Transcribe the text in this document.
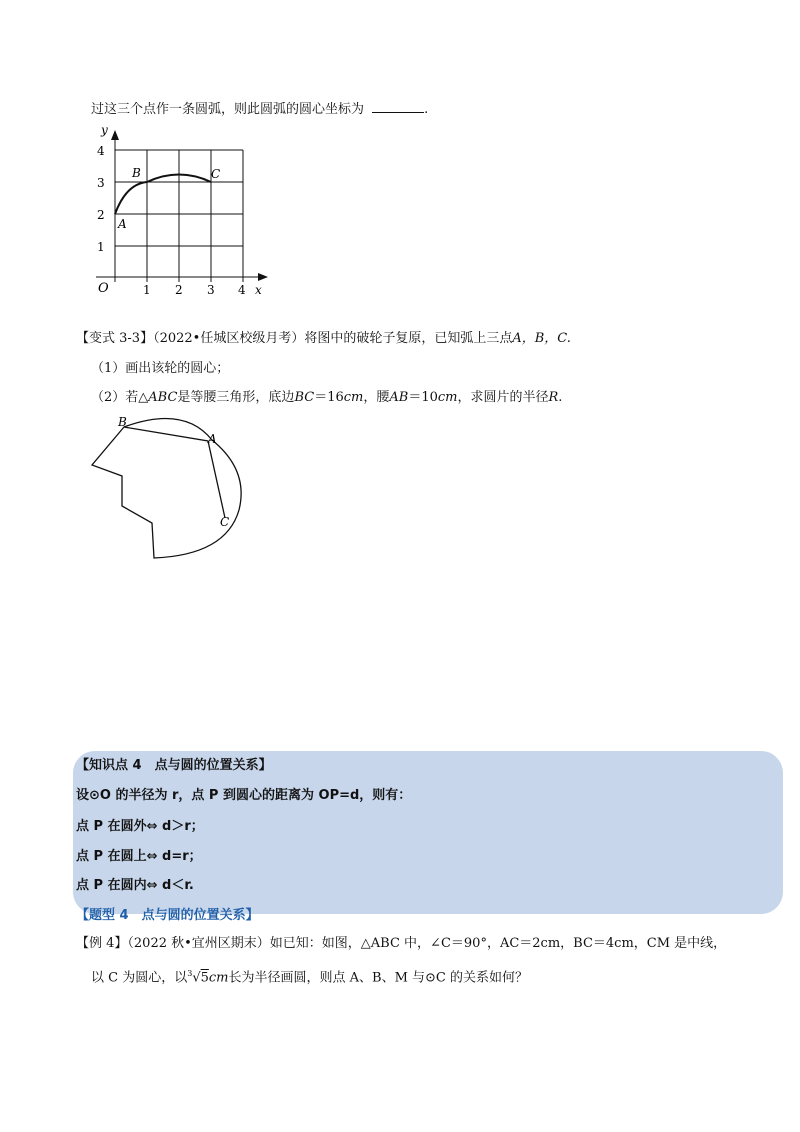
过这三个点作一条圆弧，则此圆弧的圆心坐标为	.
y
x
O
4
3
2
1
1 2 3 4
A
B	C
【变式 3-3】（2022•任城区校级月考）将图中的破轮子复原，已知弧上三点A，B，C.
（1）画出该轮的圆心；
（2）若△ABC是等腰三角形，底边BC＝16cm，腰AB＝10cm，求圆片的半径R.
B
A
C
【知识点 4　点与圆的位置关系】
设⊙O 的半径为 r，点 P 到圆心的距离为 OP=d，则有：
点 P 在圆外⇔ d＞r；
点 P 在圆上⇔ d=r；
点 P 在圆内⇔ d＜r.
【题型 4　点与圆的位置关系】
【例 4】（2022 秋•宜州区期末）如已知：如图，△ABC 中，∠C＝90°，AC＝2cm，BC＝4cm，CM 是中线，
以 C 为圆心，以$^3$√5cm长为半径画圆，则点 A、B、M 与⊙C 的关系如何？
